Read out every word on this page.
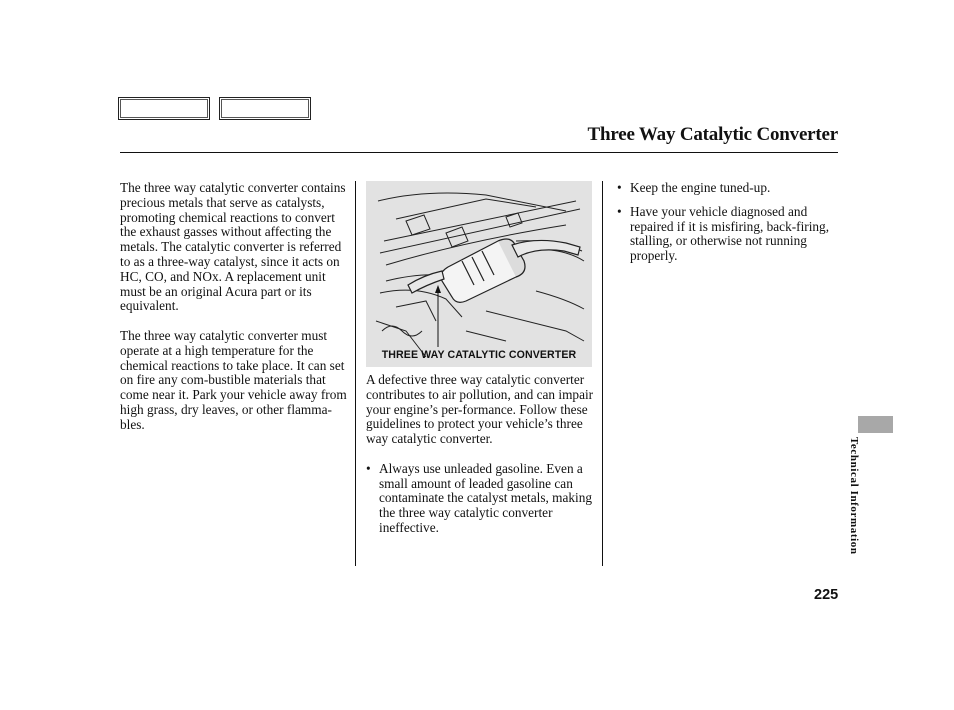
Three Way Catalytic Converter

The three way catalytic converter contains precious metals that serve as catalysts, promoting chemical reactions to convert the exhaust gasses without affecting the metals. The catalytic converter is referred to as a three-way catalyst, since it acts on HC, CO, and NOx. A replacement unit must be an original Acura part or its equivalent.

The three way catalytic converter must operate at a high temperature for the chemical reactions to take place. It can set on fire any com-bustible materials that come near it. Park your vehicle away from high grass, dry leaves, or other flamma-bles.

THREE WAY CATALYTIC CONVERTER

A defective three way catalytic converter contributes to air pollution, and can impair your engine’s per-formance. Follow these guidelines to protect your vehicle’s three way catalytic converter.

• Always use unleaded gasoline. Even a small amount of leaded gasoline can contaminate the catalyst metals, making the three way catalytic converter ineffective.

• Keep the engine tuned-up.

• Have your vehicle diagnosed and repaired if it is misfiring, back-firing, stalling, or otherwise not running properly.

Technical Information
225
